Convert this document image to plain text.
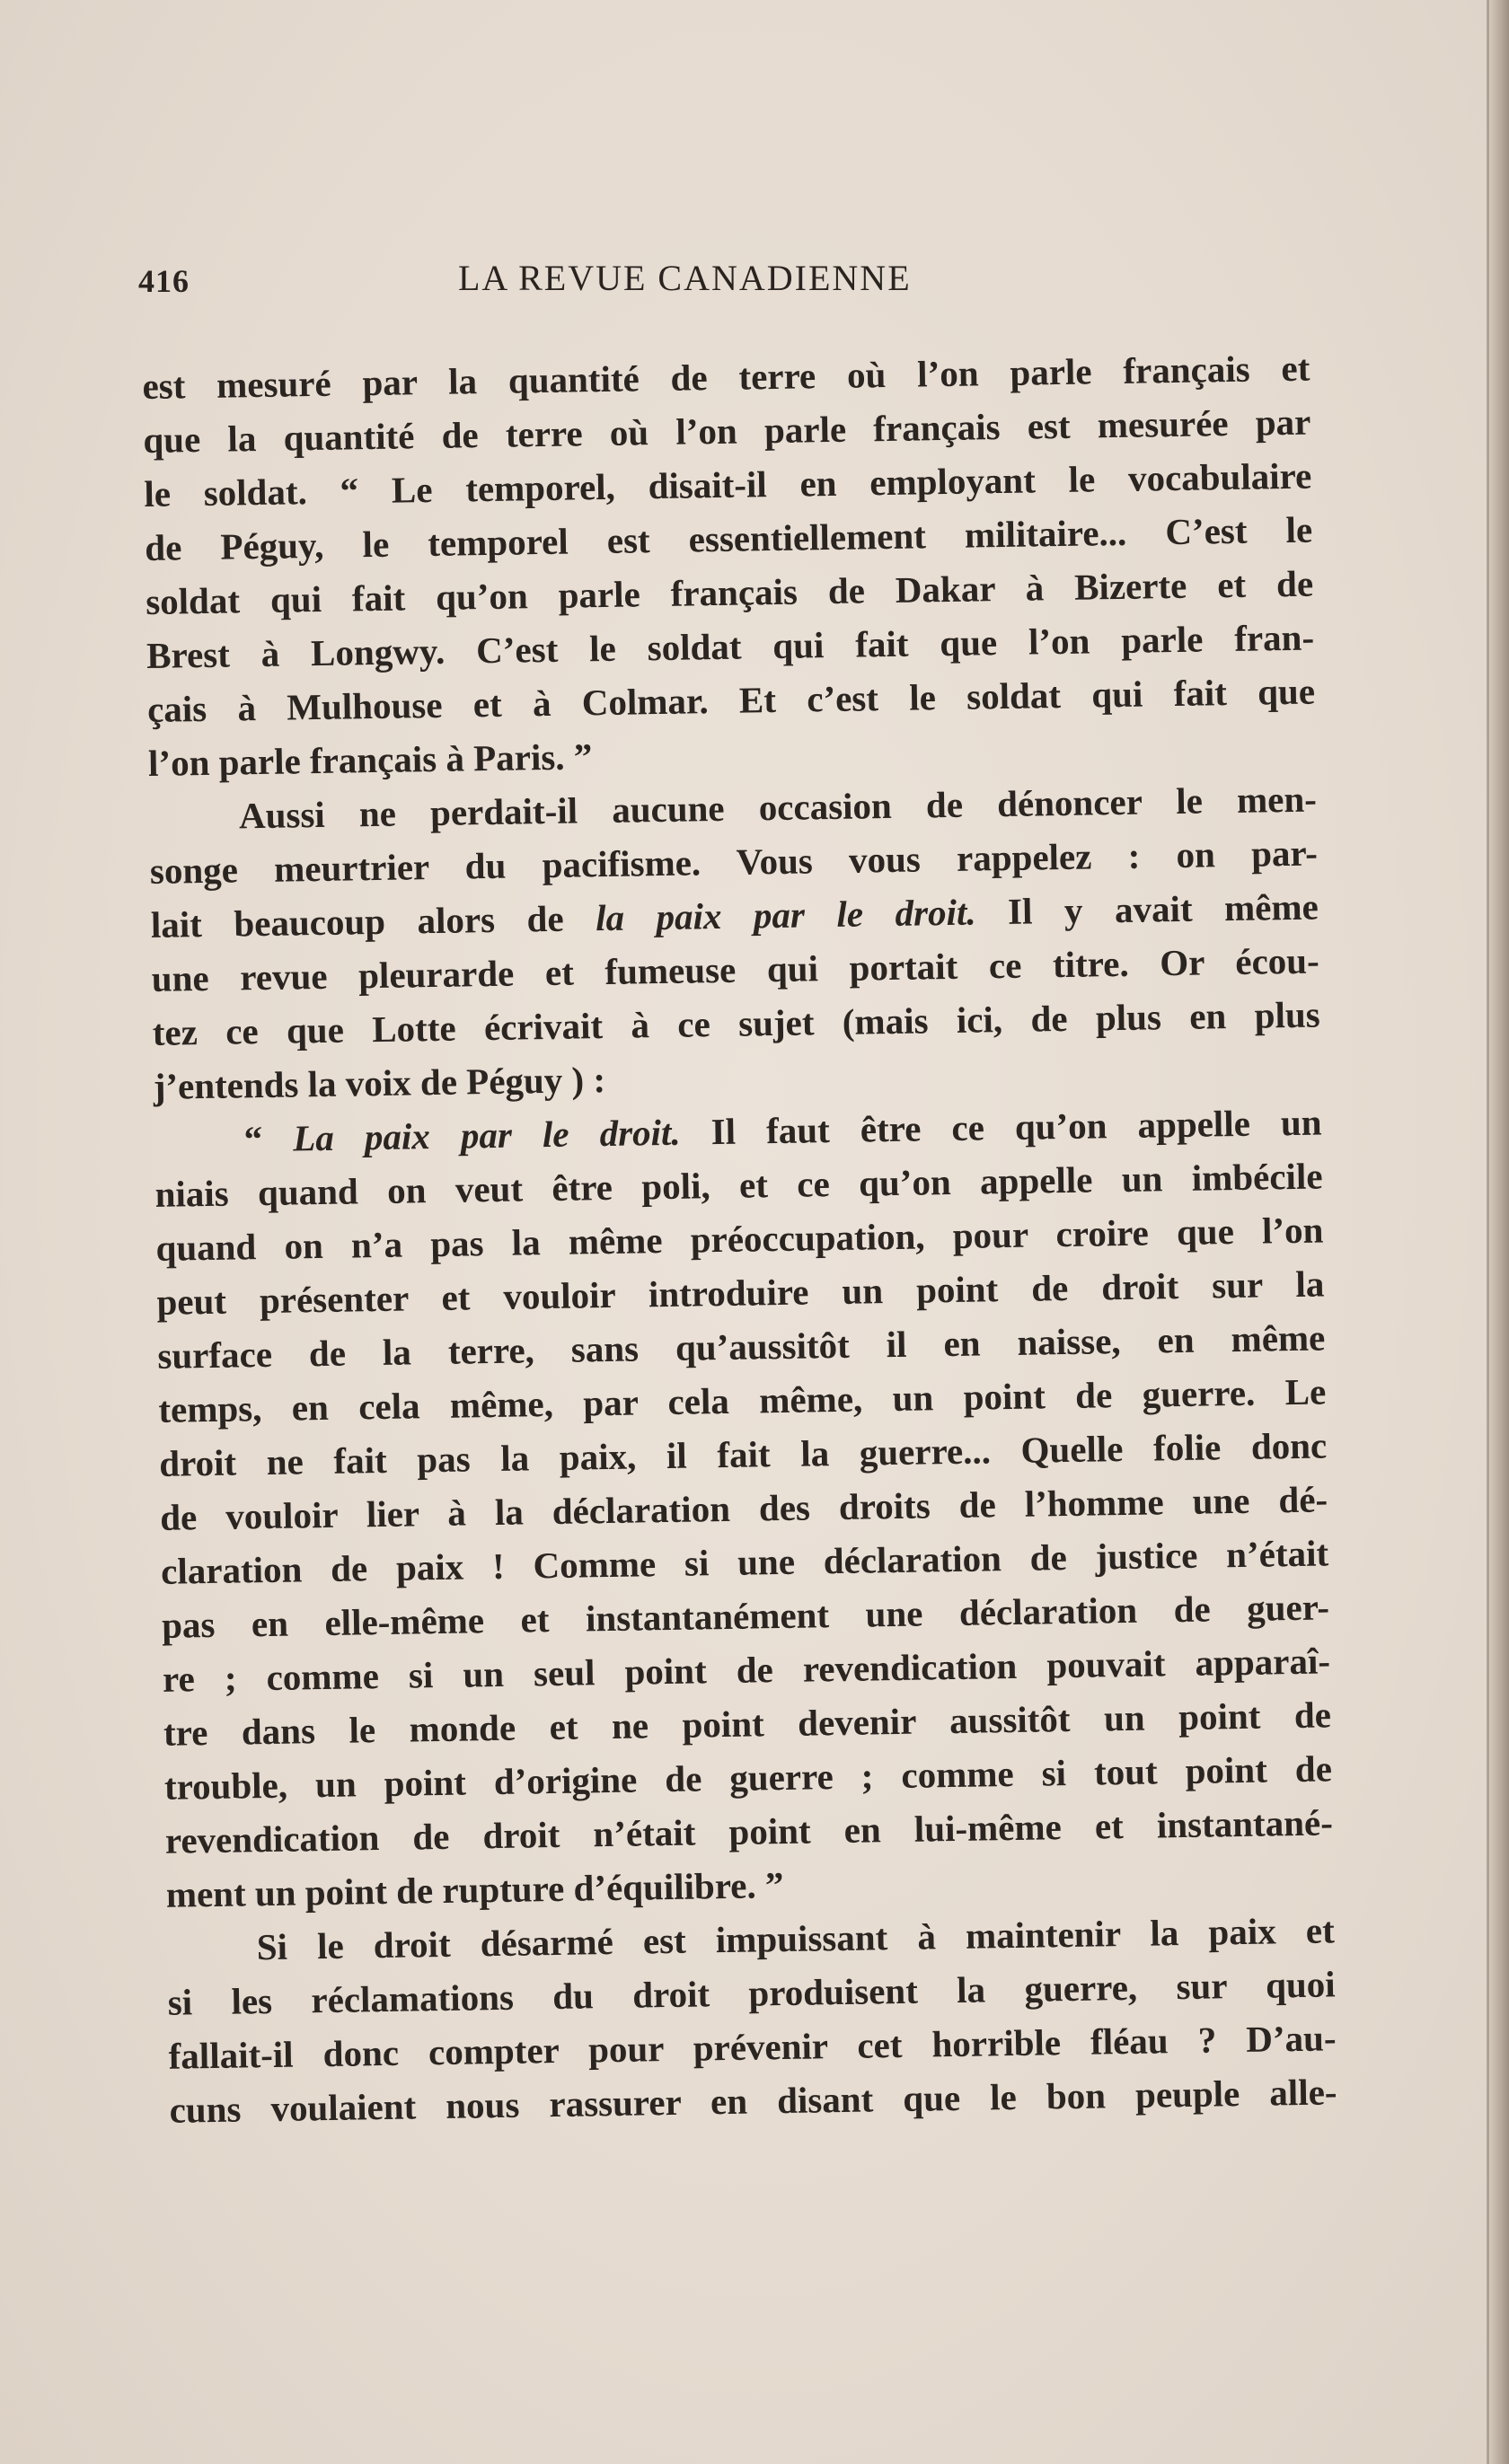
416	LA REVUE CANADIENNE
est mesuré par la quantité de terre où l’on parle français et
que la quantité de terre où l’on parle français est mesurée par
le soldat. “ Le temporel, disait-il en employant le vocabulaire
de Péguy, le temporel est essentiellement militaire... C’est le
soldat qui fait qu’on parle français de Dakar à Bizerte et de
Brest à Longwy. C’est le soldat qui fait que l’on parle fran-
çais à Mulhouse et à Colmar. Et c’est le soldat qui fait que
l’on parle français à Paris. ”
Aussi ne perdait-il aucune occasion de dénoncer le men-
songe meurtrier du pacifisme. Vous vous rappelez : on par-
lait beaucoup alors de la paix par le droit. Il y avait même
une revue pleurarde et fumeuse qui portait ce titre. Or écou-
tez ce que Lotte écrivait à ce sujet (mais ici, de plus en plus
j’entends la voix de Péguy ) :
“ La paix par le droit. Il faut être ce qu’on appelle un
niais quand on veut être poli, et ce qu’on appelle un imbécile
quand on n’a pas la même préoccupation, pour croire que l’on
peut présenter et vouloir introduire un point de droit sur la
surface de la terre, sans qu’aussitôt il en naisse, en même
temps, en cela même, par cela même, un point de guerre. Le
droit ne fait pas la paix, il fait la guerre... Quelle folie donc
de vouloir lier à la déclaration des droits de l’homme une dé-
claration de paix ! Comme si une déclaration de justice n’était
pas en elle-même et instantanément une déclaration de guer-
re ; comme si un seul point de revendication pouvait apparaî-
tre dans le monde et ne point devenir aussitôt un point de
trouble, un point d’origine de guerre ; comme si tout point de
revendication de droit n’était point en lui-même et instantané-
ment un point de rupture d’équilibre. ”
Si le droit désarmé est impuissant à maintenir la paix et
si les réclamations du droit produisent la guerre, sur quoi
fallait-il donc compter pour prévenir cet horrible fléau ? D’au-
cuns voulaient nous rassurer en disant que le bon peuple alle-
